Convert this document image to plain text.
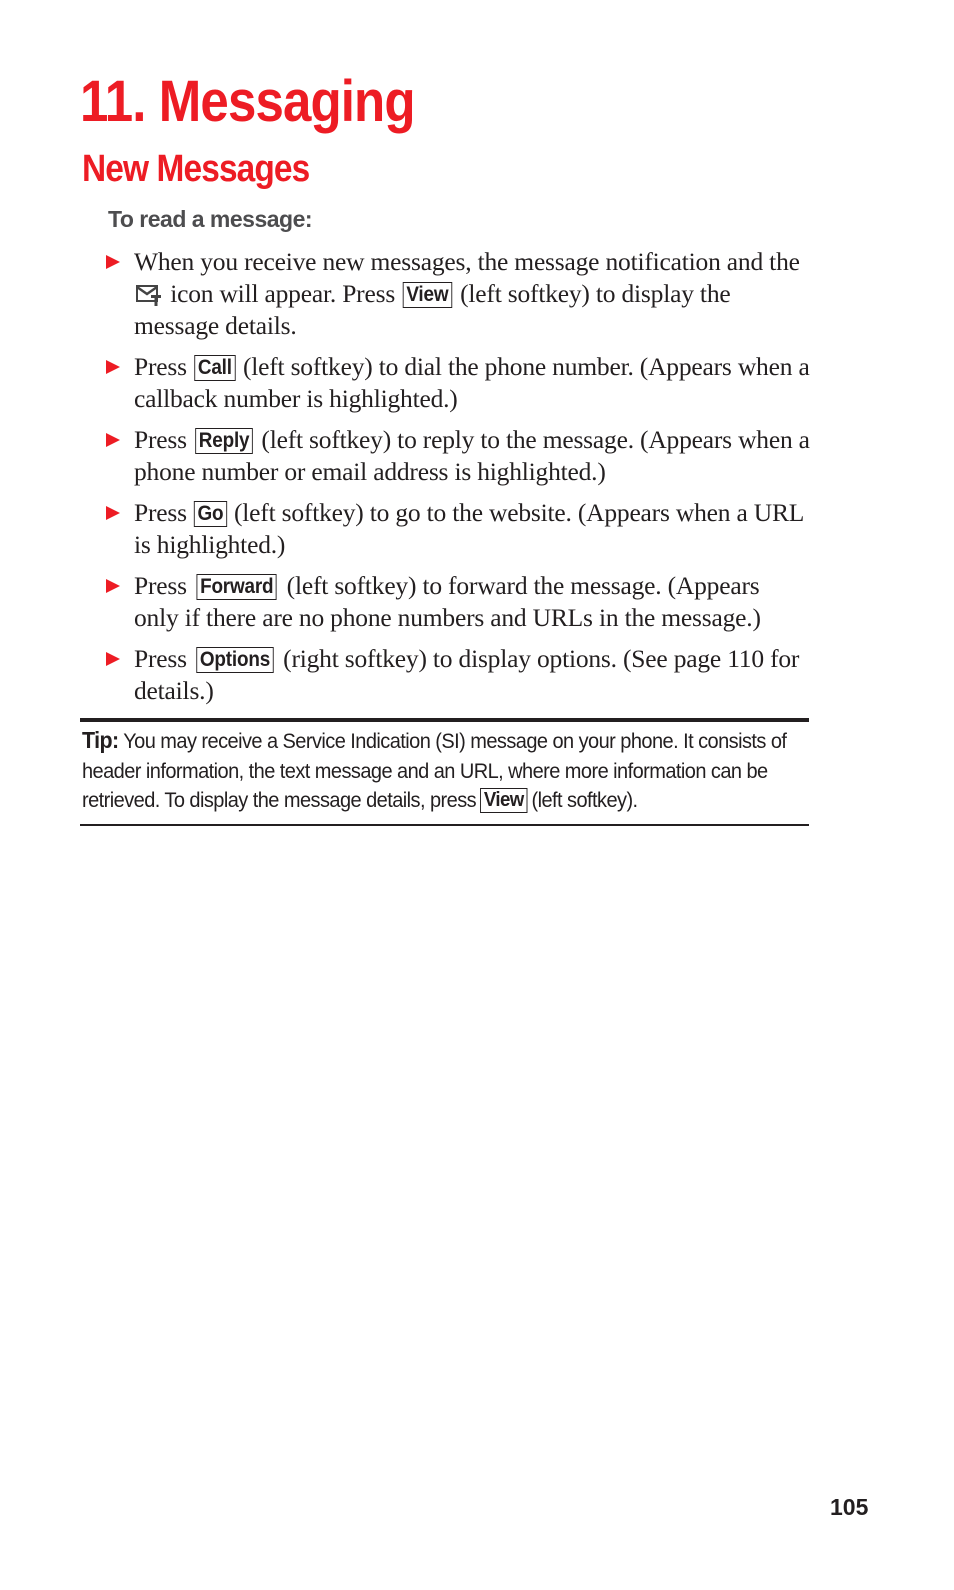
11. Messaging
New Messages
To read a message:
When you receive new messages, the message notification and the  icon will appear. Press View (left softkey) to display the message details.
Press Call (left softkey) to dial the phone number. (Appears when a callback number is highlighted.)
Press Reply (left softkey) to reply to the message. (Appears when a phone number or email address is highlighted.)
Press Go (left softkey) to go to the website. (Appears when a URL is highlighted.)
Press Forward (left softkey) to forward the message. (Appears only if there are no phone numbers and URLs in the message.)
Press Options (right softkey) to display options. (See page 110 for details.)
Tip: You may receive a Service Indication (SI) message on your phone. It consists of header information, the text message and an URL, where more information can be retrieved. To display the message details, press View (left softkey).
105
